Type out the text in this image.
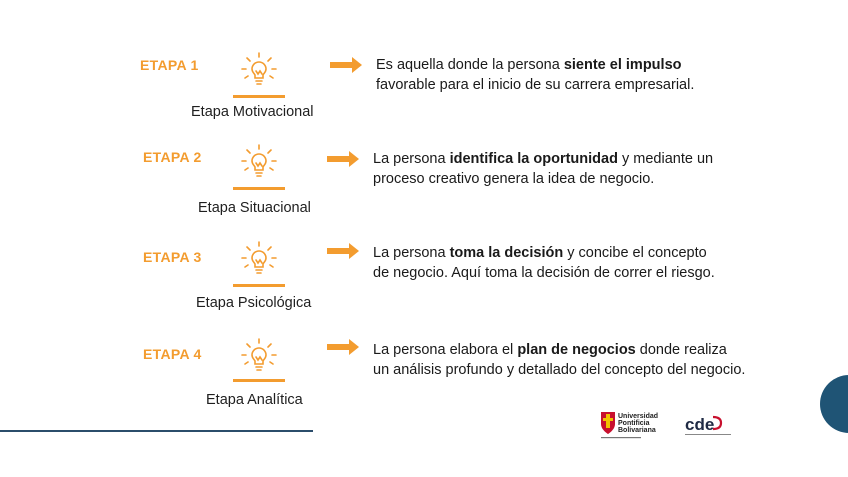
ETAPA 1
Etapa Motivacional
Es aquella donde la persona siente el impulso
favorable para el inicio de su carrera empresarial.
ETAPA 2
Etapa Situacional
La persona identifica la oportunidad y mediante un
proceso creativo genera la idea de negocio.
ETAPA 3
Etapa Psicológica
La persona toma la decisión y concibe el concepto
de negocio. Aquí toma la decisión de correr el riesgo.
ETAPA 4
Etapa Analítica
La persona elabora el plan de negocios donde realiza
un análisis profundo y detallado del concepto del negocio.
Universidad
Pontificia
Bolivariana cde
